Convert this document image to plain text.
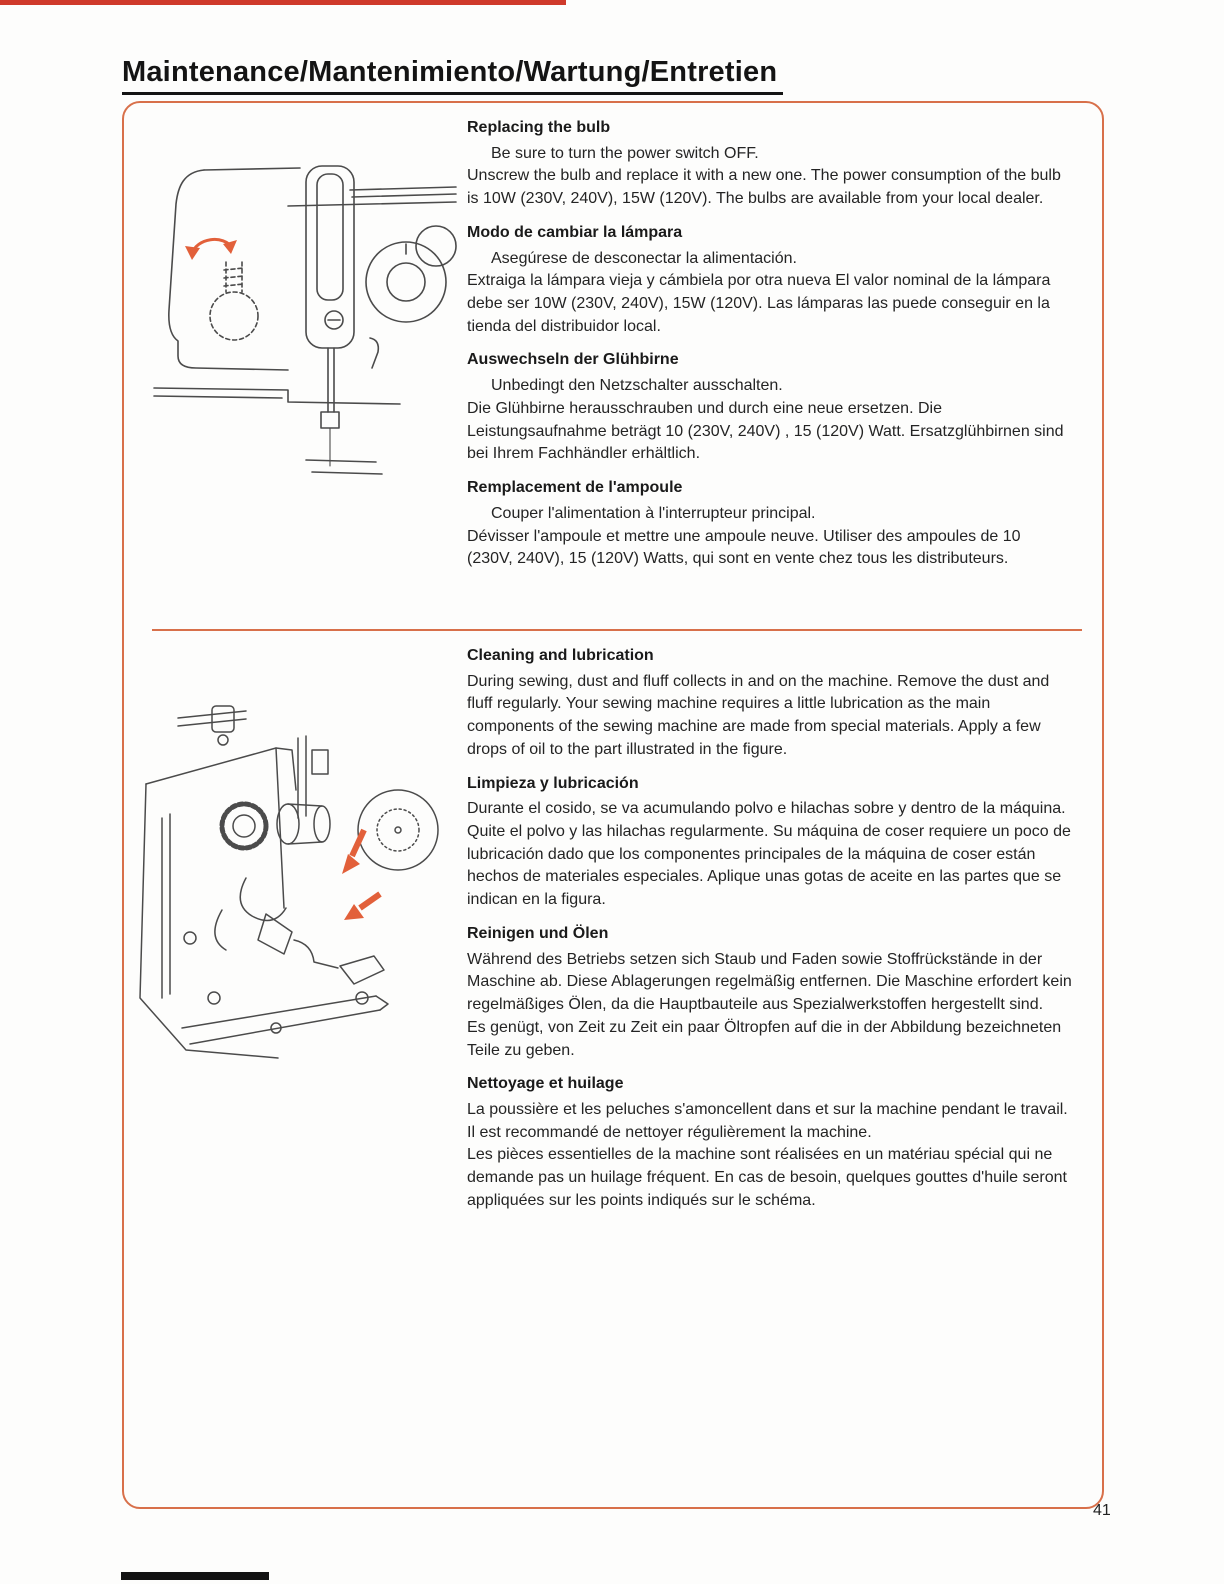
Maintenance/Mantenimiento/Wartung/Entretien
Replacing the bulb

Be sure to turn the power switch OFF.

Unscrew the bulb and replace it with a new one. The power consumption of the bulb is 10W (230V, 240V), 15W (120V). The bulbs are available from your local dealer.

Modo de cambiar la lámpara

Asegúrese de desconectar la alimentación.

Extraiga la lámpara vieja y cámbiela por otra nueva El valor nominal de la lámpara debe ser 10W (230V, 240V), 15W (120V). Las lámparas las puede conseguir en la tienda del distribuidor local.

Auswechseln der Glühbirne

Unbedingt den Netzschalter ausschalten.

Die Glühbirne herausschrauben und durch eine neue ersetzen. Die Leistungsaufnahme beträgt 10 (230V, 240V) , 15 (120V) Watt. Ersatzglühbirnen sind bei Ihrem Fachhändler erhältlich.

Remplacement de l'ampoule

Couper l'alimentation à l'interrupteur principal.

Dévisser l'ampoule et mettre une ampoule neuve. Utiliser des ampoules de 10 (230V, 240V), 15 (120V) Watts, qui sont en vente chez tous les distributeurs.

Cleaning and lubrication

During sewing, dust and fluff collects in and on the machine. Remove the dust and fluff regularly. Your sewing machine requires a little lubrication as the main components of the sewing machine are made from special materials. Apply a few drops of oil to the part illustrated in the figure.

Limpieza y lubricación

Durante el cosido, se va acumulando polvo e hilachas sobre y dentro de la máquina. Quite el polvo y las hilachas regularmente. Su máquina de coser requiere un poco de lubricación dado que los componentes principales de la máquina de coser están hechos de materiales especiales. Aplique unas gotas de aceite en las partes que se indican en la figura.

Reinigen und Ölen

Während des Betriebs setzen sich Staub und Faden sowie Stoffrückstände in der Maschine ab. Diese Ablagerungen regelmäßig entfernen. Die Maschine erfordert kein regelmäßiges Ölen, da die Hauptbauteile aus Spezialwerkstoffen hergestellt sind.

Es genügt, von Zeit zu Zeit ein paar Öltropfen auf die in der Abbildung bezeichneten Teile zu geben.

Nettoyage et huilage

La poussière et les peluches s'amoncellent dans et sur la machine pendant le travail. Il est recommandé de nettoyer régulièrement la machine.

Les pièces essentielles de la machine sont réalisées en un matériau spécial qui ne demande pas un huilage fréquent. En cas de besoin, quelques gouttes d'huile seront appliquées sur les points indiqués sur le schéma.

41
